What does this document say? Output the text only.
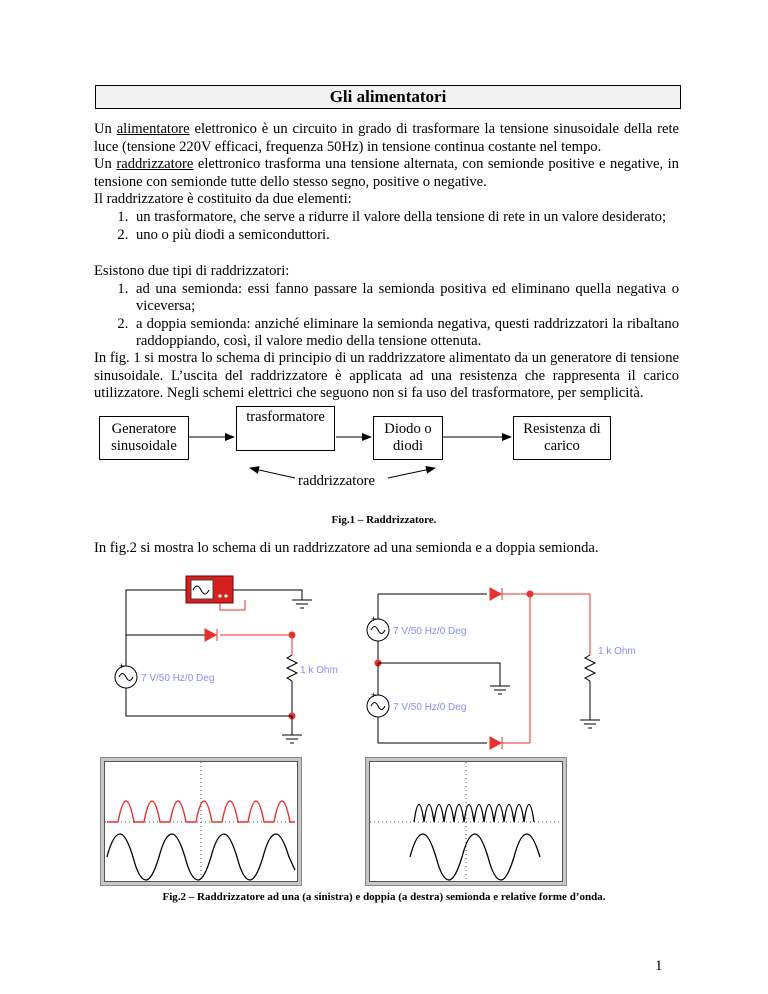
Gli alimentatori

Un alimentatore elettronico è un circuito in grado di trasformare la tensione sinusoidale della rete luce (tensione 220V efficaci, frequenza 50Hz) in tensione continua costante nel tempo.

Un raddrizzatore elettronico trasforma una tensione alternata, con semionde positive e negative, in tensione con semionde tutte dello stesso segno, positive o negative.

Il raddrizzatore è costituito da due elementi:

1. un trasformatore, che serve a ridurre il valore della tensione di rete in un valore desiderato;
2. uno o più diodi a semiconduttori.

Esistono due tipi di raddrizzatori:

1. ad una semionda: essi fanno passare la semionda positiva ed eliminano quella negativa o viceversa;
2. a doppia semionda: anziché eliminare la semionda negativa, questi raddrizzatori la ribaltano raddoppiando, così, il valore medio della tensione ottenuta.
In fig. 1 si mostra lo schema di principio di un raddrizzatore alimentato da un generatore di tensione sinusoidale. L’uscita del raddrizzatore è applicata ad una resistenza che rappresenta il carico utilizzatore. Negli schemi elettrici che seguono non si fa uso del trasformatore, per semplicità.
Generatore sinusoidale
trasformatore
Diodo o diodi
Resistenza di carico
raddrizzatore
Fig.1 – Raddrizzatore.
In fig.2 si mostra lo schema di un raddrizzatore ad una semionda e a doppia semionda.
+
+
+
7 V/50 Hz/0 Deg
1 k Ohm
7 V/50 Hz/0 Deg
1 k Ohm
7 V/50 Hz/0 Deg
Fig.2 – Raddrizzatore ad una (a sinistra) e doppia (a destra) semionda e relative forme d’onda.
1
